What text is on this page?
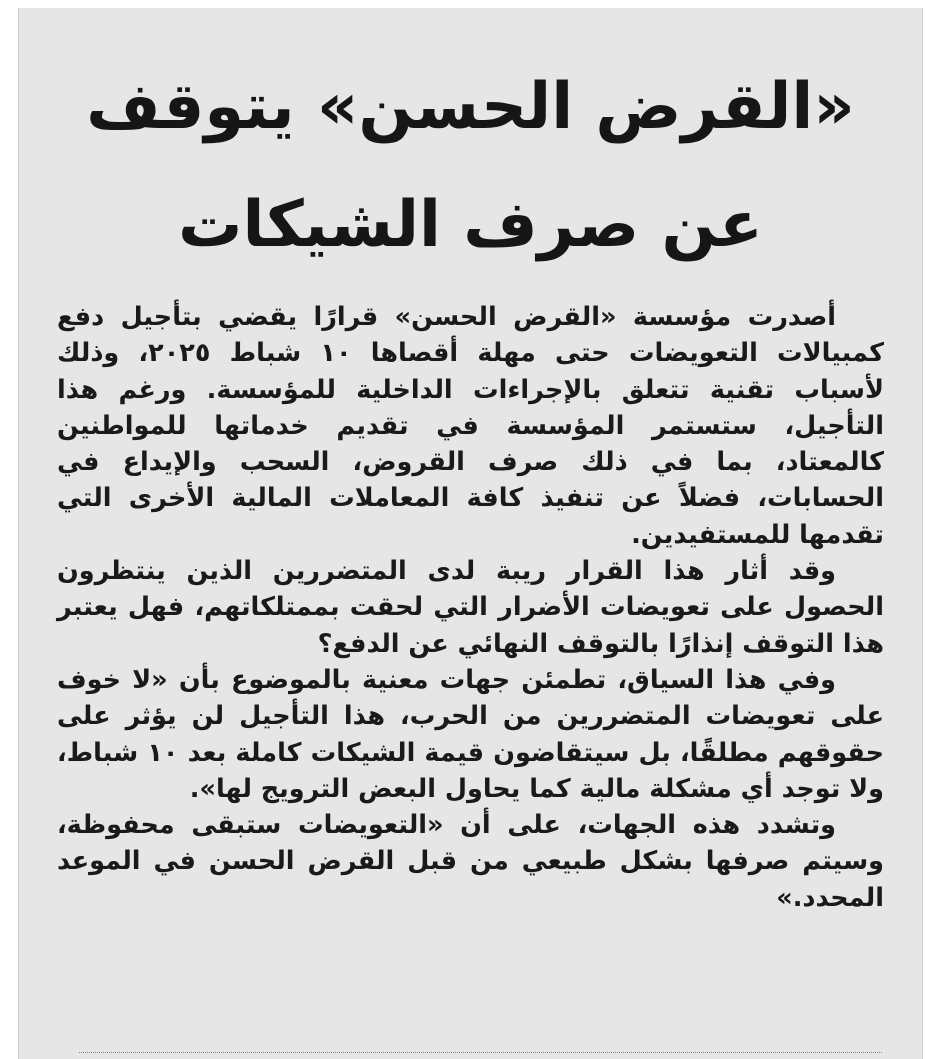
«القرض الحسن» يتوقف
عن صرف الشيكات

أصدرت مؤسسة «القرض الحسن» قرارًا يقضي بتأجيل دفع كمبيالات التعويضات حتى مهلة أقصاها ١٠ شباط ٢٠٢٥، وذلك لأسباب تقنية تتعلق بالإجراءات الداخلية للمؤسسة. ورغم هذا التأجيل، ستستمر المؤسسة في تقديم خدماتها للمواطنين كالمعتاد، بما في ذلك صرف القروض، السحب والإيداع في الحسابات، فضلاً عن تنفيذ كافة المعاملات المالية الأخرى التي تقدمها للمستفيدين.

وقد أثار هذا القرار ريبة لدى المتضررين الذين ينتظرون الحصول على تعويضات الأضرار التي لحقت بممتلكاتهم، فهل يعتبر هذا التوقف إنذارًا بالتوقف النهائي عن الدفع؟

وفي هذا السياق، تطمئن جهات معنية بالموضوع بأن «لا خوف على تعويضات المتضررين من الحرب، هذا التأجيل لن يؤثر على حقوقهم مطلقًا، بل سيتقاضون قيمة الشيكات كاملة بعد ١٠ شباط، ولا توجد أي مشكلة مالية كما يحاول البعض الترويج لها».

وتشدد هذه الجهات، على أن «التعويضات ستبقى محفوظة، وسيتم صرفها بشكل طبيعي من قبل القرض الحسن في الموعد المحدد.»
